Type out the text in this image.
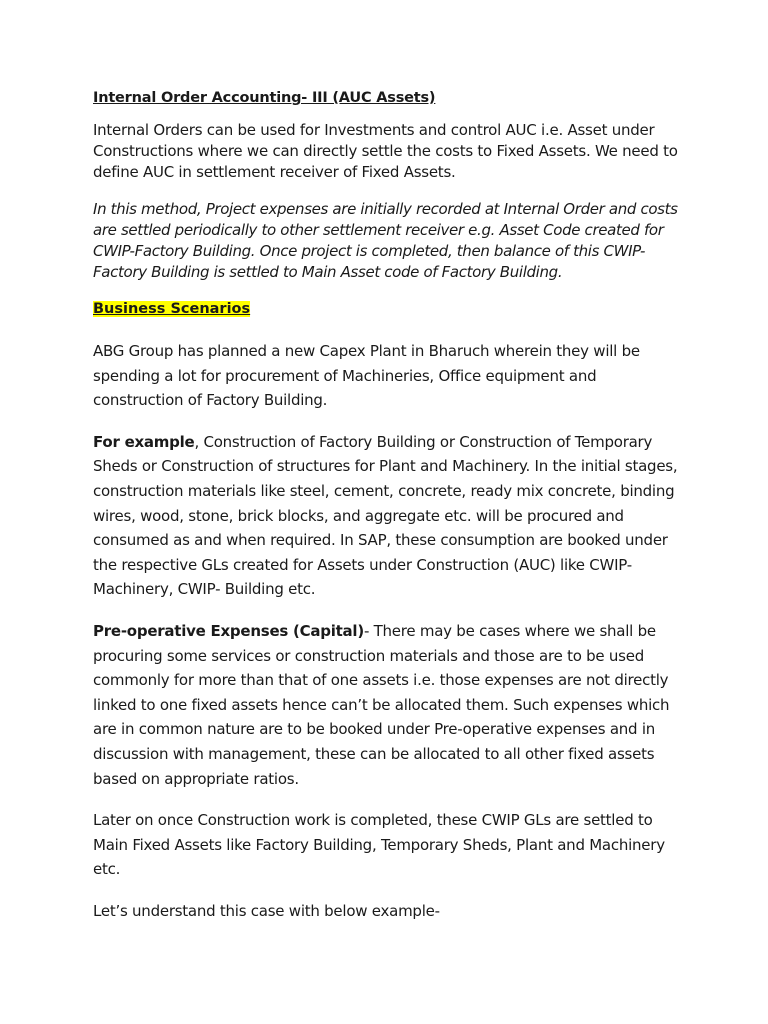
Internal Order Accounting- III (AUC Assets)

Internal Orders can be used for Investments and control AUC i.e. Asset under Constructions where we can directly settle the costs to Fixed Assets. We need to define AUC in settlement receiver of Fixed Assets.

In this method, Project expenses are initially recorded at Internal Order and costs are settled periodically to other settlement receiver e.g. Asset Code created for CWIP-Factory Building. Once project is completed, then balance of this CWIP-Factory Building is settled to Main Asset code of Factory Building.

Business Scenarios

ABG Group has planned a new Capex Plant in Bharuch wherein they will be spending a lot for procurement of Machineries, Office equipment and construction of Factory Building.

For example, Construction of Factory Building or Construction of Temporary Sheds or Construction of structures for Plant and Machinery. In the initial stages, construction materials like steel, cement, concrete, ready mix concrete, binding wires, wood, stone, brick blocks, and aggregate etc. will be procured and consumed as and when required. In SAP, these consumption are booked under the respective GLs created for Assets under Construction (AUC) like CWIP- Machinery, CWIP- Building etc.

Pre-operative Expenses (Capital)- There may be cases where we shall be procuring some services or construction materials and those are to be used commonly for more than that of one assets i.e. those expenses are not directly linked to one fixed assets hence can’t be allocated them. Such expenses which are in common nature are to be booked under Pre-operative expenses and in discussion with management, these can be allocated to all other fixed assets based on appropriate ratios.

Later on once Construction work is completed, these CWIP GLs are settled to Main Fixed Assets like Factory Building, Temporary Sheds, Plant and Machinery etc.

Let’s understand this case with below example-
